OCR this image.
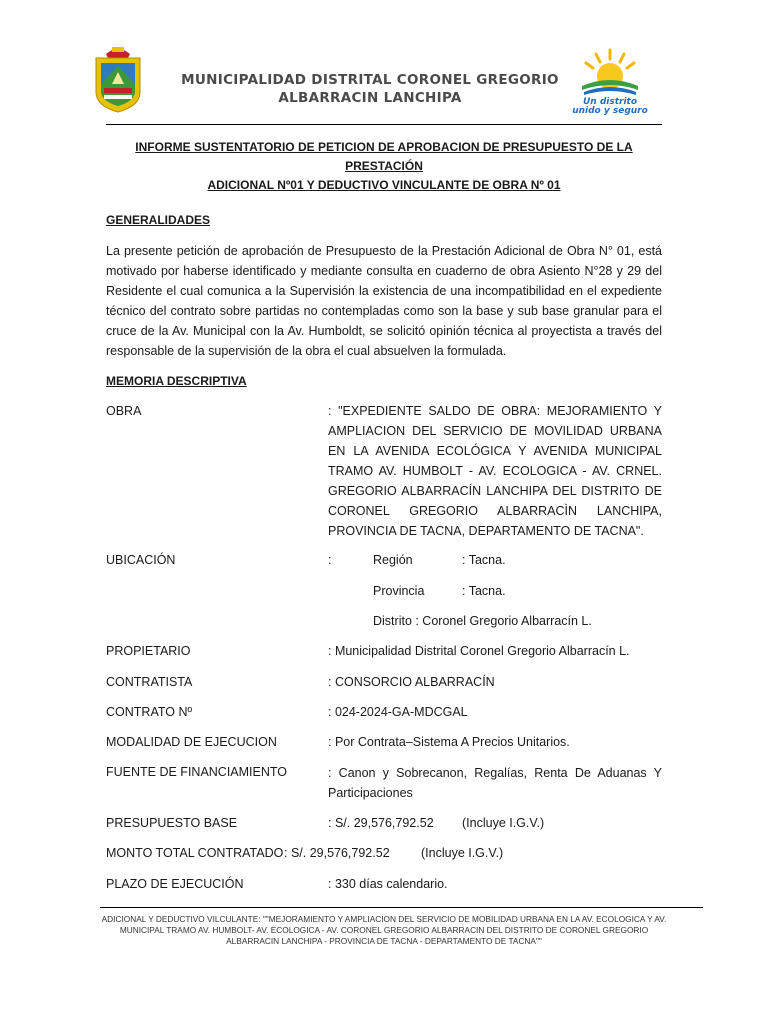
MUNICIPALIDAD DISTRITAL CORONEL GREGORIO
ALBARRACIN LANCHIPA	Un distrito
unido y seguro
INFORME SUSTENTATORIO DE PETICION DE APROBACION DE PRESUPUESTO DE LA PRESTACIÓN
ADICIONAL Nº01 Y DEDUCTIVO VINCULANTE DE OBRA Nº 01
GENERALIDADES
La presente petición de aprobación de Presupuesto de la Prestación Adicional de Obra N° 01, está motivado por haberse identificado y mediante consulta en cuaderno de obra Asiento N°28 y 29 del Residente el cual comunica a la Supervisión la existencia de una incompatibilidad en el expediente técnico del contrato sobre partidas no contempladas como son la base y sub base granular para el cruce de la Av. Municipal con la Av. Humboldt, se solicitó opinión técnica al proyectista a través del responsable de la supervisión de la obra el cual absuelven la formulada.
MEMORIA DESCRIPTIVA
OBRA	: "EXPEDIENTE SALDO DE OBRA: MEJORAMIENTO Y AMPLIACION DEL SERVICIO DE MOVILIDAD URBANA EN LA AVENIDA ECOLÓGICA Y AVENIDA MUNICIPAL TRAMO AV. HUMBOLT - AV. ECOLOGICA - AV. CRNEL. GREGORIO ALBARRACÍN LANCHIPA DEL DISTRITO DE CORONEL GREGORIO ALBARRACÌN LANCHIPA, PROVINCIA DE TACNA, DEPARTAMENTO DE TACNA".
UBICACIÓN	:	Región	: Tacna.
Provincia	: Tacna.
Distrito : Coronel Gregorio Albarracín L.
PROPIETARIO	: Municipalidad Distrital Coronel Gregorio Albarracín L.
CONTRATISTA	: CONSORCIO ALBARRACÍN
CONTRATO Nº	: 024-2024-GA-MDCGAL
MODALIDAD DE EJECUCION	: Por Contrata–Sistema A Precios Unitarios.
FUENTE DE FINANCIAMIENTO	: Canon y Sobrecanon, Regalías, Renta De Aduanas Y Participaciones
PRESUPUESTO BASE	: S/. 29,576,792.52 (Incluye I.G.V.)
MONTO TOTAL CONTRATADO : S/. 29,576,792.52	(Incluye I.G.V.)
PLAZO DE EJECUCIÓN	: 330 días calendario.
ADICIONAL Y DEDUCTIVO VILCULANTE: ""MEJORAMIENTO Y AMPLIACION DEL SERVICIO DE MOBILIDAD URBANA EN LA AV. ECOLOGICA Y AV. MUNICIPAL TRAMO AV. HUMBOLT- AV. ECOLOGICA - AV. CORONEL GREGORIO ALBARRACIN DEL DISTRITO DE CORONEL GREGORIO ALBARRACIN LANCHIPA - PROVINCIA DE TACNA - DEPARTAMENTO DE TACNA""
